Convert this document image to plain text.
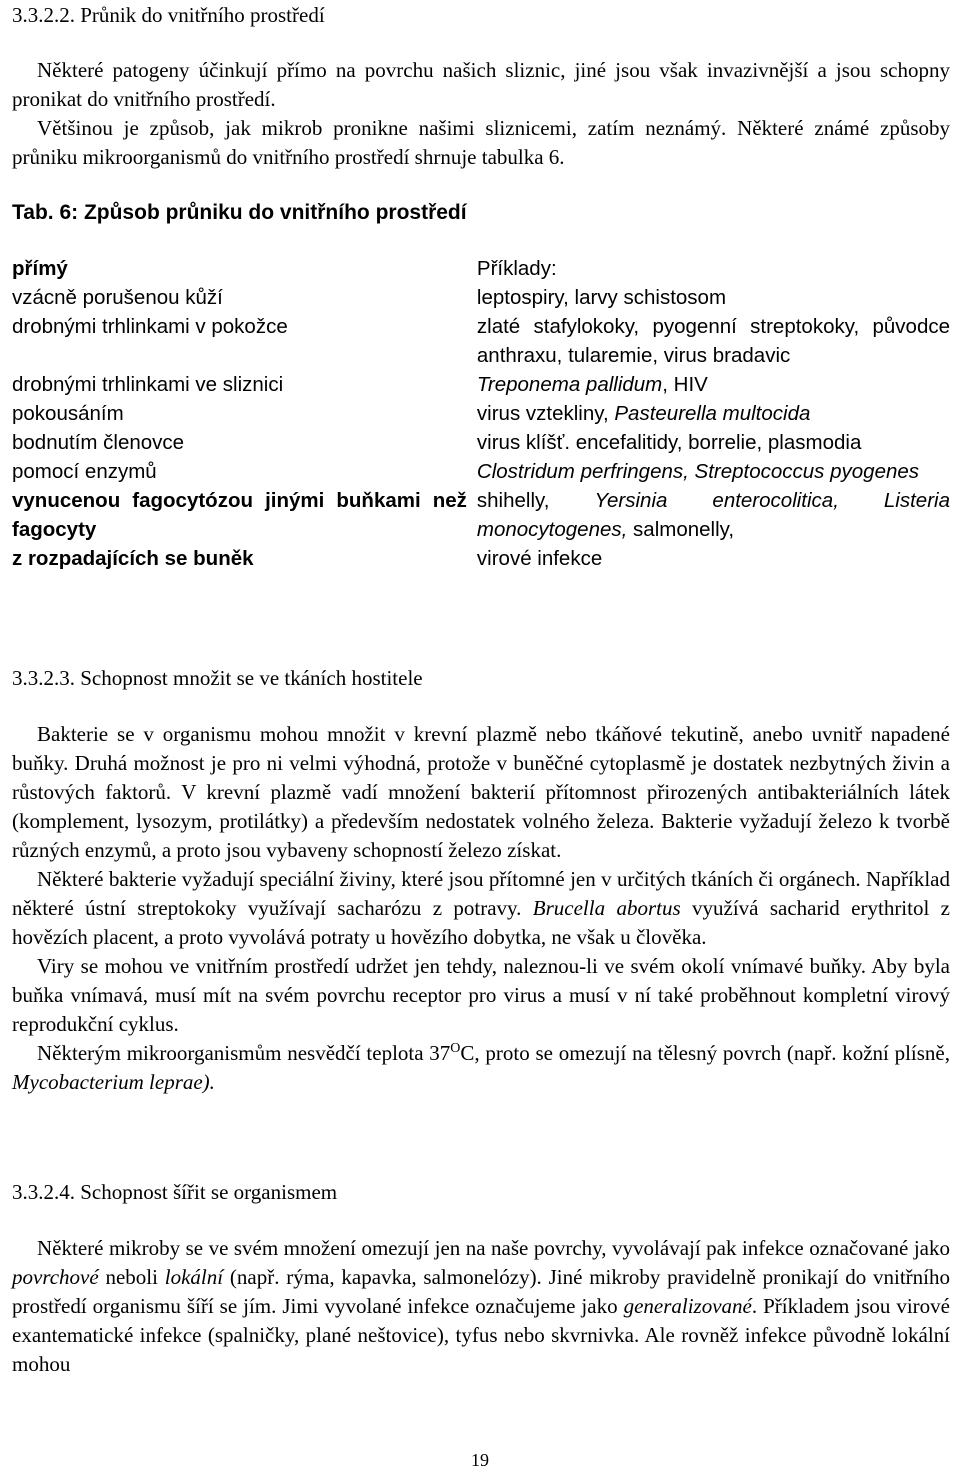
3.3.2.2. Průnik do vnitřního prostředí
Některé patogeny účinkují přímo na povrchu našich sliznic, jiné jsou však invazivnější a jsou schopny pronikat do vnitřního prostředí.
Většinou je způsob, jak mikrob pronikne našimi sliznicemi, zatím neznámý. Některé známé způsoby průniku mikroorganismů do vnitřního prostředí shrnuje tabulka 6.
Tab. 6: Způsob průniku do vnitřního prostředí
přímý	Příklady:
vzácně porušenou kůží	leptospiry, larvy schistosom
drobnými trhlinkami v pokožce	zlaté stafylokoky, pyogenní streptokoky, původce anthraxu, tularemie, virus bradavic
drobnými trhlinkami ve sliznici	Treponema pallidum, HIV
pokousáním	virus vztekliny, Pasteurella multocida
bodnutím členovce	virus klíšť. encefalitidy, borrelie, plasmodia
pomocí enzymů	Clostridum perfringens, Streptococcus pyogenes
vynucenou fagocytózou jinými buňkami než fagocyty	shihelly, Yersinia enterocolitica, Listeria monocytogenes, salmonelly,
z rozpadajících se buněk	virové infekce
3.3.2.3. Schopnost množit se ve tkáních hostitele

Bakterie se v organismu mohou množit v krevní plazmě nebo tkáňové tekutině, anebo uvnitř napadené buňky. Druhá možnost je pro ni velmi výhodná, protože v buněčné cytoplasmě je dostatek nezbytných živin a růstových faktorů. V krevní plazmě vadí množení bakterií přítomnost přirozených antibakteriálních látek (komplement, lysozym, protilátky) a především nedostatek volného železa. Bakterie vyžadují železo k tvorbě různých enzymů, a proto jsou vybaveny schopností železo získat.

Některé bakterie vyžadují speciální živiny, které jsou přítomné jen v určitých tkáních či orgánech. Například některé ústní streptokoky využívají sacharózu z potravy. Brucella abortus využívá sacharid erythritol z hovězích placent, a proto vyvolává potraty u hovězího dobytka, ne však u člověka.

Viry se mohou ve vnitřním prostředí udržet jen tehdy, naleznou-li ve svém okolí vnímavé buňky. Aby byla buňka vnímavá, musí mít na svém povrchu receptor pro virus a musí v ní také proběhnout kompletní virový reprodukční cyklus.

Některým mikroorganismům nesvědčí teplota $37^OC$, proto se omezují na tělesný povrch (např. kožní plísně, Mycobacterium leprae).

3.3.2.4. Schopnost šířit se organismem

Některé mikroby se ve svém množení omezují jen na naše povrchy, vyvolávají pak infekce označované jako povrchové neboli lokální (např. rýma, kapavka, salmonelózy). Jiné mikroby pravidelně pronikají do vnitřního prostředí organismu šíří se jím. Jimi vyvolané infekce označujeme jako generalizované. Příkladem jsou virové exantematické infekce (spalničky, plané neštovice), tyfus nebo skvrnivka. Ale rovněž infekce původně lokální mohou

19
